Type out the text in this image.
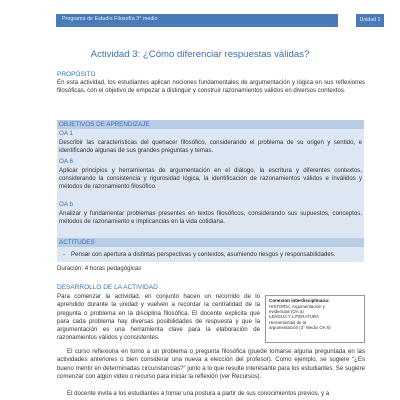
Programa de Estudio Filosofía 3° medio	Unidad 1
Actividad 3: ¿Cómo diferenciar respuestas válidas?
PROPÓSITO
En esta actividad, los estudiantes aplican nociones fundamentales de argumentación y lógica en sus reflexiones filosóficas, con el objetivo de empezar a distinguir y construir razonamientos válidos en diversos contextos.
OBJETIVOS DE APRENDIZAJE
OA 1
Describir las características del quehacer filosófico, considerando el problema de su origen y sentido, e identificando algunas de sus grandes preguntas y temas.
OA 6
Aplicar principios y herramientas de argumentación en el diálogo, la escritura y diferentes contextos, considerando la consistencia y rigurosidad lógica, la identificación de razonamientos válidos e inválidos y métodos de razonamiento filosófico.
OA b
Analizar y fundamentar problemas presentes en textos filosóficos, considerando sus supuestos, conceptos, métodos de razonamiento e implicancias en la vida cotidiana.
ACTITUDES
- Pensar con apertura a distintas perspectivas y contextos, asumiendo riesgos y responsabilidades.
Duración: 4 horas pedagógicas
DESARROLLO DE LA ACTIVIDAD
Para comenzar la actividad, en conjunto hacen un recorrido de lo aprendido durante la unidad y vuelven a recordar la centralidad de la pregunta o problema en la disciplina filosófica. El docente explicita que para cada problema hay diversas posibilidades de respuesta y que la argumentación es una herramienta clave para la elaboración de razonamientos válidos y consistentes.
Conexión interdisciplinaria:
HISTORIA, Argumentación y
evidencias (OA a)
LENGUA Y LITERATURA
Herramientas de la
argumentación (3° Medio OA 6)
El curso reflexiona en torno a un problema o pregunta filosófica (puede tomarse alguna preguntada en las actividades anteriores o bien considerar una nueva a elección del profesor). Como ejemplo, se sugiere “¿Es bueno mentir en determinadas circunstancias?” junto a lo que resulte interesante para los estudiantes. Se sugiere comenzar con algún video o recurso para iniciar la reflexión (ver Recursos).
El docente invita a los estudiantes a tomar una postura a partir de sus conocimientos previos, y a
